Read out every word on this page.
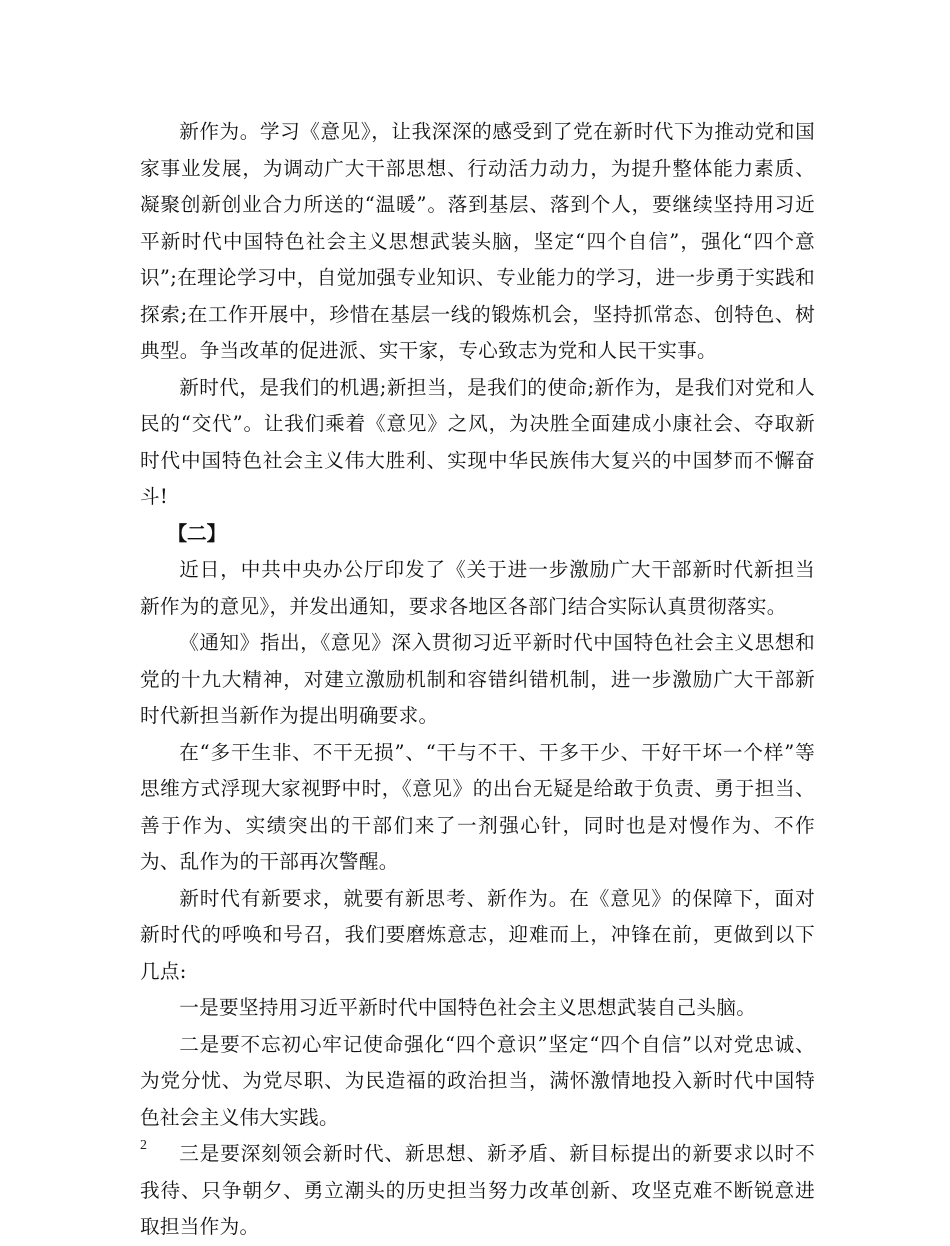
新作为。学习《意见》，让我深深的感受到了党在新时代下为推动党和国家事业发展，为调动广大干部思想、行动活力动力，为提升整体能力素质、凝聚创新创业合力所送的“温暖”。落到基层、落到个人，要继续坚持用习近平新时代中国特色社会主义思想武装头脑，坚定“四个自信”，强化“四个意识”;在理论学习中，自觉加强专业知识、专业能力的学习，进一步勇于实践和探索;在工作开展中，珍惜在基层一线的锻炼机会，坚持抓常态、创特色、树典型。争当改革的促进派、实干家，专心致志为党和人民干实事。

新时代，是我们的机遇;新担当，是我们的使命;新作为，是我们对党和人民的“交代”。让我们乘着《意见》之风，为决胜全面建成小康社会、夺取新时代中国特色社会主义伟大胜利、实现中华民族伟大复兴的中国梦而不懈奋斗!

【二】

近日，中共中央办公厅印发了《关于进一步激励广大干部新时代新担当新作为的意见》，并发出通知，要求各地区各部门结合实际认真贯彻落实。

《通知》指出，《意见》深入贯彻习近平新时代中国特色社会主义思想和党的十九大精神，对建立激励机制和容错纠错机制，进一步激励广大干部新时代新担当新作为提出明确要求。

在“多干生非、不干无损”、“干与不干、干多干少、干好干坏一个样”等思维方式浮现大家视野中时，《意见》的出台无疑是给敢于负责、勇于担当、善于作为、实绩突出的干部们来了一剂强心针，同时也是对慢作为、不作为、乱作为的干部再次警醒。

新时代有新要求，就要有新思考、新作为。在《意见》的保障下，面对新时代的呼唤和号召，我们要磨炼意志，迎难而上，冲锋在前，更做到以下几点:

一是要坚持用习近平新时代中国特色社会主义思想武装自己头脑。

二是要不忘初心牢记使命强化“四个意识”坚定“四个自信”以对党忠诚、为党分忧、为党尽职、为民造福的政治担当，满怀激情地投入新时代中国特色社会主义伟大实践。

三是要深刻领会新时代、新思想、新矛盾、新目标提出的新要求以时不我待、只争朝夕、勇立潮头的历史担当努力改革创新、攻坚克难不断锐意进取担当作为。

2
